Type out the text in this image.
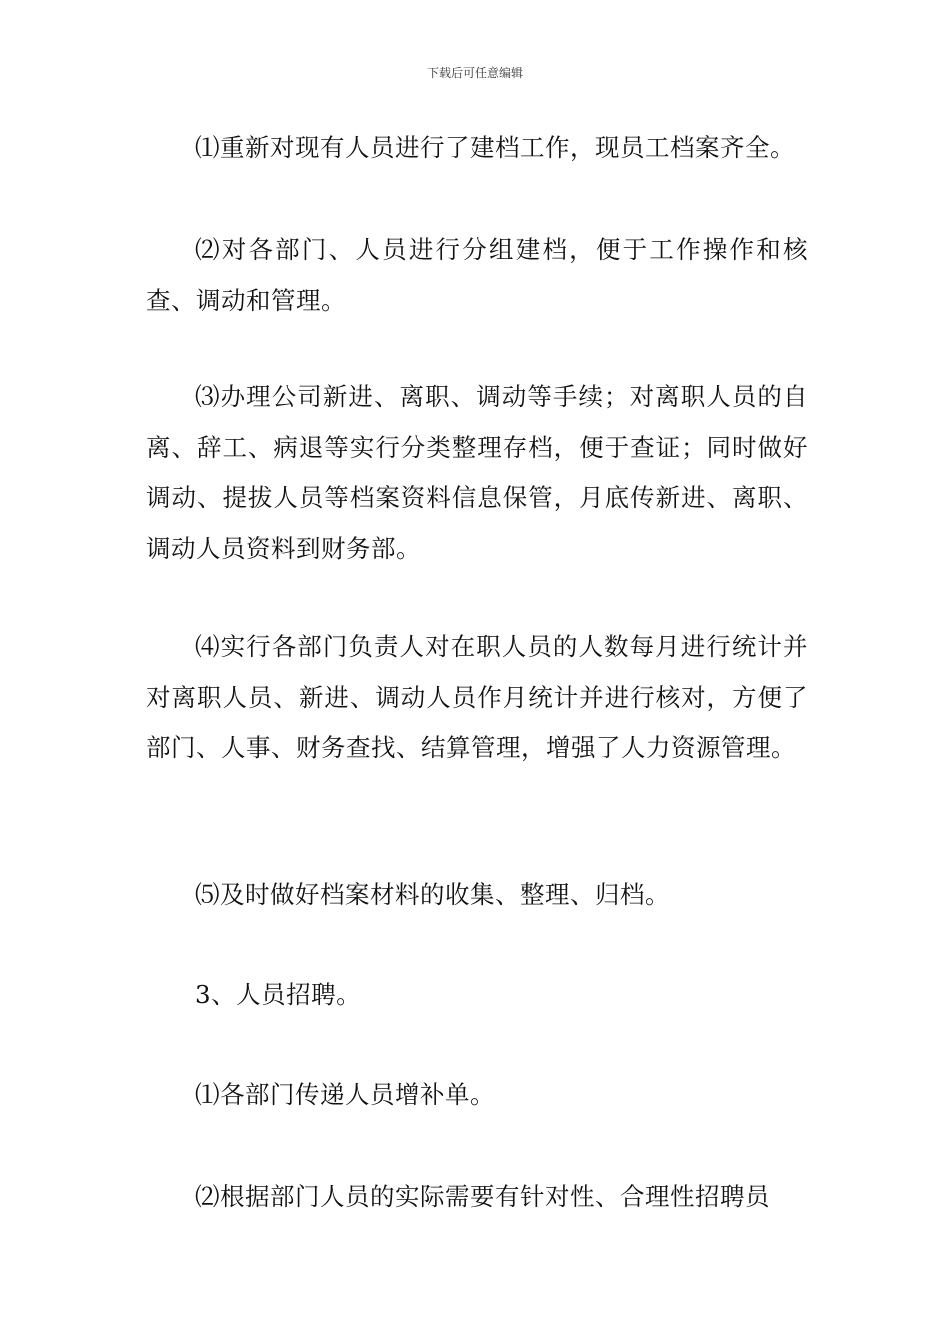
下载后可任意编辑

⑴重新对现有人员进行了建档工作，现员工档案齐全。

⑵对各部门、人员进行分组建档，便于工作操作和核查、调动和管理。

⑶办理公司新进、离职、调动等手续；对离职人员的自离、辞工、病退等实行分类整理存档，便于查证；同时做好调动、提拔人员等档案资料信息保管，月底传新进、离职、调动人员资料到财务部。

⑷实行各部门负责人对在职人员的人数每月进行统计并对离职人员、新进、调动人员作月统计并进行核对，方便了部门、人事、财务查找、结算管理，增强了人力资源管理。

⑸及时做好档案材料的收集、整理、归档。

3、人员招聘。

⑴各部门传递人员增补单。

⑵根据部门人员的实际需要有针对性、合理性招聘员
